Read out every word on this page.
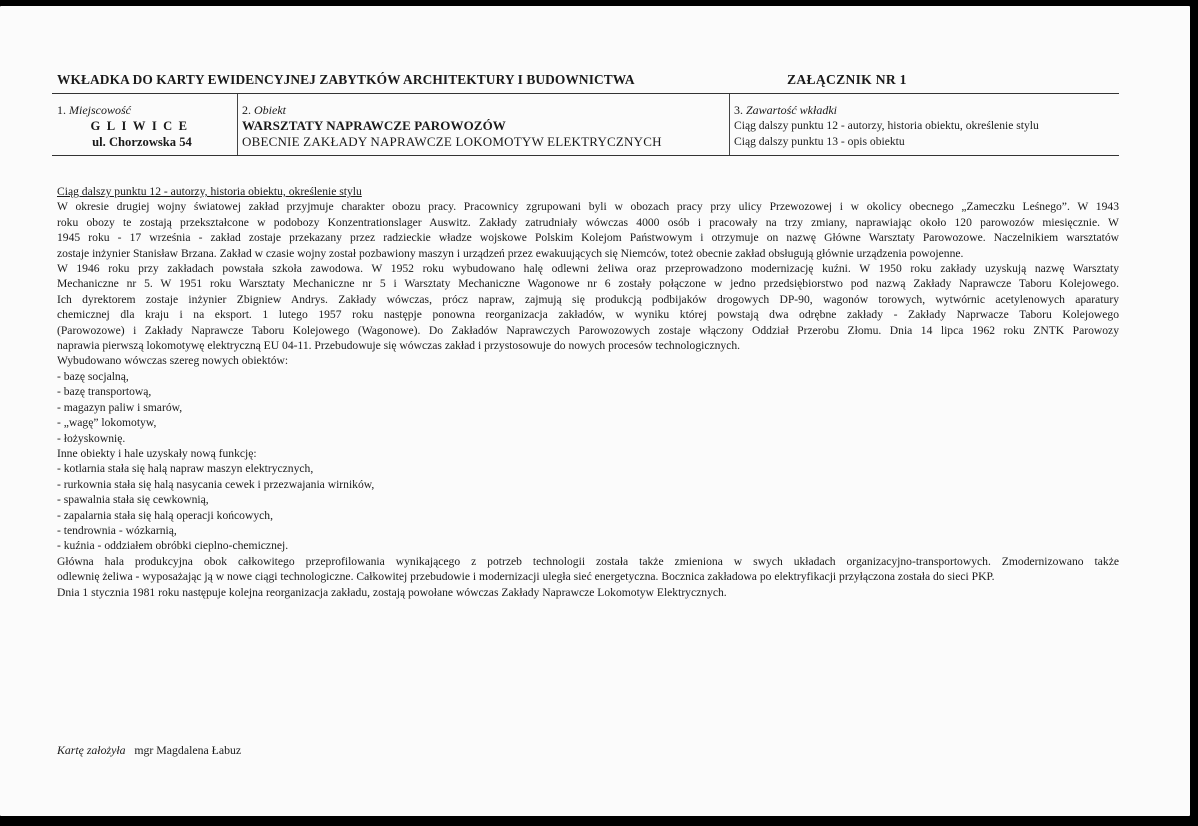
WKŁADKA DO KARTY EWIDENCYJNEJ ZABYTKÓW ARCHITEKTURY I BUDOWNICTWA	ZAŁĄCZNIK NR 1
1. Miejscowość
GLIWICE
ul. Chorzowska 54
2. Obiekt
WARSZTATY NAPRAWCZE PAROWOZÓW
OBECNIE ZAKŁADY NAPRAWCZE LOKOMOTYW ELEKTRYCZNYCH
3. Zawartość wkładki
Ciąg dalszy punktu 12 - autorzy, historia obiektu, określenie stylu
Ciąg dalszy punktu 13 - opis obiektu

Ciąg dalszy punktu 12 - autorzy, historia obiektu, określenie stylu

W okresie drugiej wojny światowej zakład przyjmuje charakter obozu pracy. Pracownicy zgrupowani byli w obozach pracy przy ulicy Przewozowej i w okolicy obecnego „Zameczku Leśnego”. W 1943

roku obozy te zostają przekształcone w podobozy Konzentrationslager Auswitz. Zakłady zatrudniały wówczas 4000 osób i pracowały na trzy zmiany, naprawiając około 120 parowozów miesięcznie. W

1945 roku - 17 września - zakład zostaje przekazany przez radzieckie władze wojskowe Polskim Kolejom Państwowym i otrzymuje on nazwę Główne Warsztaty Parowozowe. Naczelnikiem warsztatów

zostaje inżynier Stanisław Brzana. Zakład w czasie wojny został pozbawiony maszyn i urządzeń przez ewakuujących się Niemców, toteż obecnie zakład obsługują głównie urządzenia powojenne.

W 1946 roku przy zakładach powstała szkoła zawodowa. W 1952 roku wybudowano halę odlewni żeliwa oraz przeprowadzono modernizację kuźni. W 1950 roku zakłady uzyskują nazwę Warsztaty

Mechaniczne nr 5. W 1951 roku Warsztaty Mechaniczne nr 5 i Warsztaty Mechaniczne Wagonowe nr 6 zostały połączone w jedno przedsiębiorstwo pod nazwą Zakłady Naprawcze Taboru Kolejowego.

Ich dyrektorem zostaje inżynier Zbigniew Andrys. Zakłady wówczas, prócz napraw, zajmują się produkcją podbijaków drogowych DP-90, wagonów torowych, wytwórnic acetylenowych aparatury

chemicznej dla kraju i na eksport. 1 lutego 1957 roku następje ponowna reorganizacja zakładów, w wyniku której powstają dwa odrębne zakłady - Zakłady Naprwacze Taboru Kolejowego

(Parowozowe) i Zakłady Naprawcze Taboru Kolejowego (Wagonowe). Do Zakładów Naprawczych Parowozowych zostaje włączony Oddział Przerobu Złomu. Dnia 14 lipca 1962 roku ZNTK Parowozy

naprawia pierwszą lokomotywę elektryczną EU 04-11. Przebudowuje się wówczas zakład i przystosowuje do nowych procesów technologicznych.

Wybudowano wówczas szereg nowych obiektów:

- bazę socjalną,

- bazę transportową,

- magazyn paliw i smarów,

- „wagę” lokomotyw,

- łożyskownię.

Inne obiekty i hale uzyskały nową funkcję:

- kotlarnia stała się halą napraw maszyn elektrycznych,

- rurkownia stała się halą nasycania cewek i przezwajania wirników,

- spawalnia stała się cewkownią,

- zapalarnia stała się halą operacji końcowych,

- tendrownia - wózkarnią,

- kuźnia - oddziałem obróbki cieplno-chemicznej.

Główna hala produkcyjna obok całkowitego przeprofilowania wynikającego z potrzeb technologii została także zmieniona w swych układach organizacyjno-transportowych. Zmodernizowano także

odlewnię żeliwa - wyposażając ją w nowe ciągi technologiczne. Całkowitej przebudowie i modernizacji uległa sieć energetyczna. Bocznica zakładowa po elektryfikacji przyłączona została do sieci PKP.

Dnia 1 stycznia 1981 roku następuje kolejna reorganizacja zakładu, zostają powołane wówczas Zakłady Naprawcze Lokomotyw Elektrycznych.

Kartę założyła mgr Magdalena Łabuz
